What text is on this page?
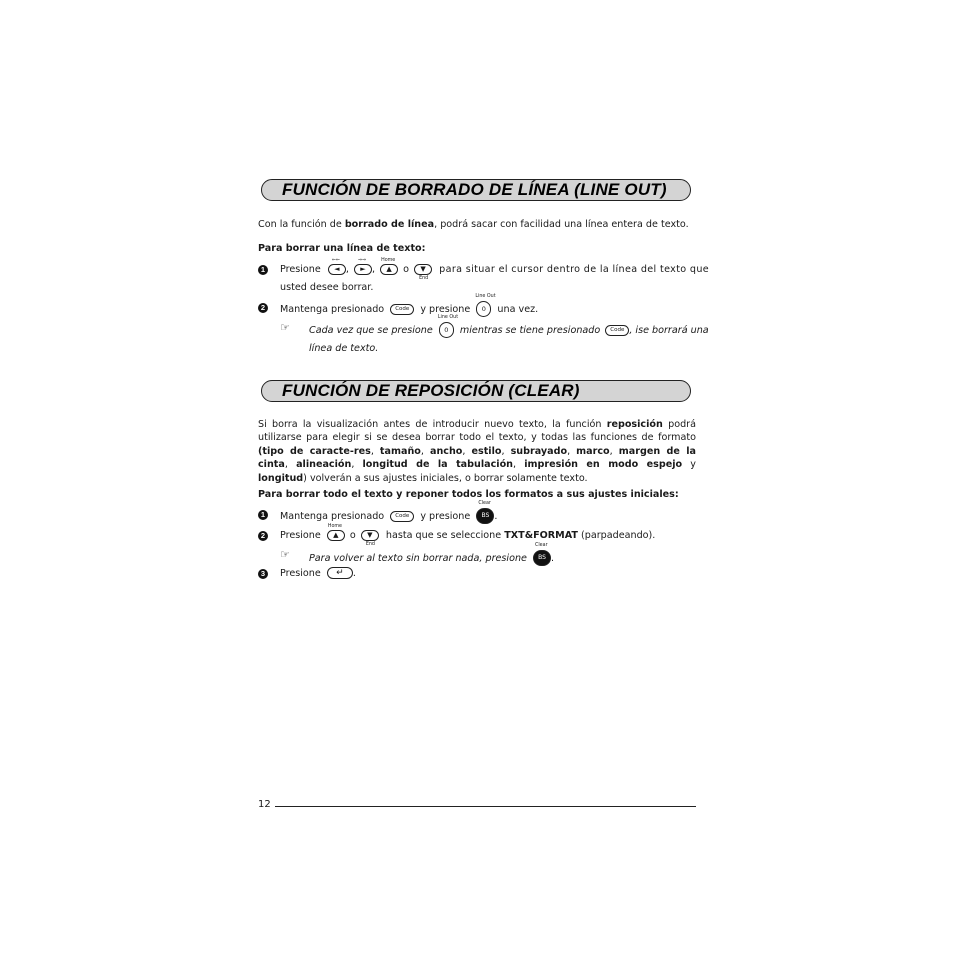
FUNCIÓN DE BORRADO DE LÍNEA (LINE OUT)
Con la función de borrado de línea, podrá sacar con facilidad una línea entera de texto.
Para borrar una línea de texto:
1	Presione
⇐⇐
◄ ,
⇒⇒
► ,
Home
▲ o ▼
End
para situar el cursor dentro de la línea del texto que
usted desee borrar.
2	Mantenga presionado Code y presione
Line Out
0 una vez.
☞ Cada vez que se presione
Line Out
0 mientras se tiene presionado Code , ise borrará una
línea de texto.
FUNCIÓN DE REPOSICIÓN (CLEAR)
Si borra la visualización antes de introducir nuevo texto, la función reposición podrá utilizarse para elegir si se desea borrar todo el texto, y todas las funciones de formato (tipo de caracte-res, tamaño, ancho, estilo, subrayado, marco, margen de la cinta, alineación, longitud de la tabulación, impresión en modo espejo y longitud) volverán a sus ajustes iniciales, o borrar solamente texto.
Para borrar todo el texto y reponer todos los formatos a sus ajustes iniciales:
1	Mantenga presionado Code y presione
Clear
BS .
2	Presione
Home
▲ o ▼
End
hasta que se seleccione TXT&FORMAT (parpadeando).
☞ Para volver al texto sin borrar nada, presione
Clear
BS .
3	Presione ↵ .
12
